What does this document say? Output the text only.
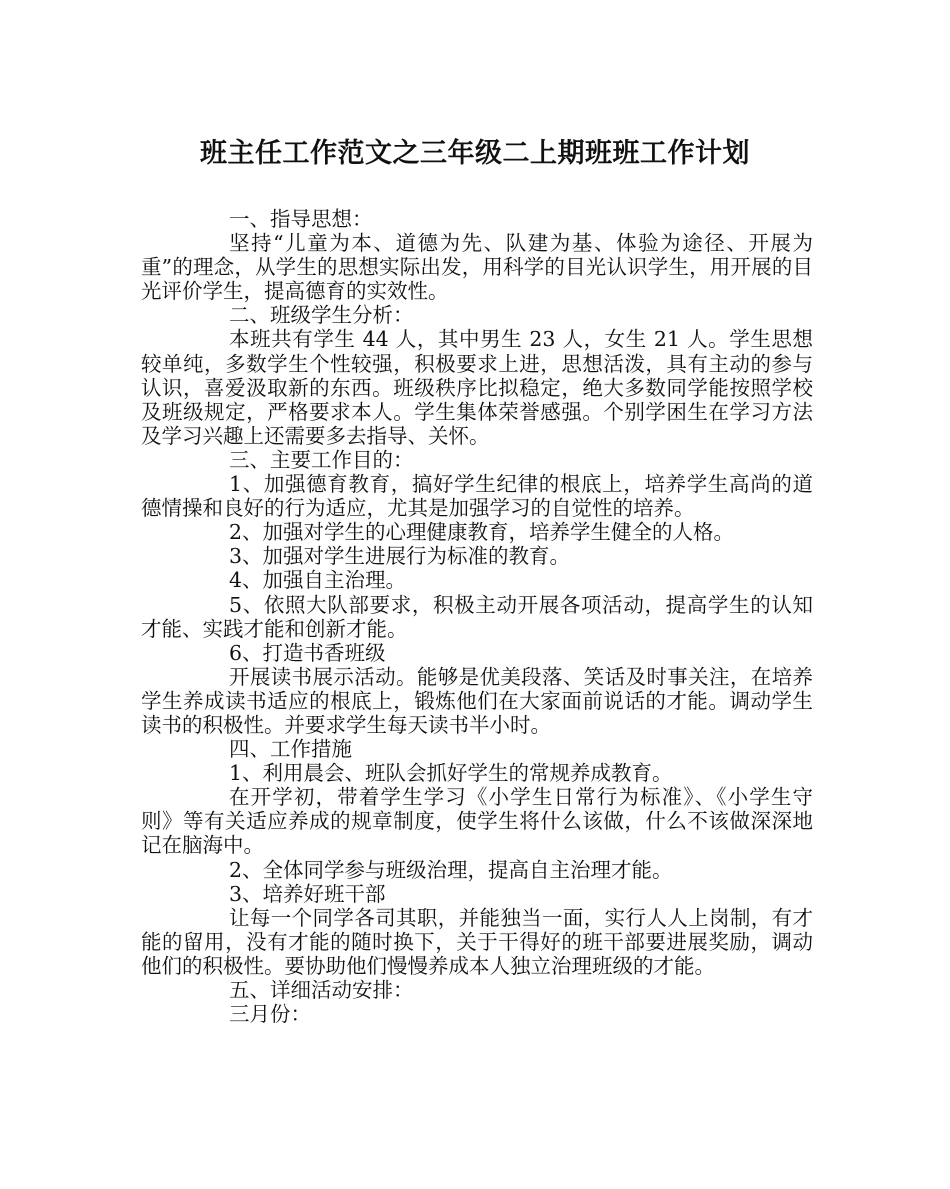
班主任工作范文之三年级二上期班班工作计划

一、指导思想：

坚持“儿童为本、道德为先、队建为基、体验为途径、开展为重”的理念，从学生的思想实际出发，用科学的目光认识学生，用开展的目光评价学生，提高德育的实效性。

二、班级学生分析：

本班共有学生 44 人，其中男生 23 人，女生 21 人。学生思想较单纯，多数学生个性较强，积极要求上进，思想活泼，具有主动的参与认识，喜爱汲取新的东西。班级秩序比拟稳定，绝大多数同学能按照学校及班级规定，严格要求本人。学生集体荣誉感强。个别学困生在学习方法及学习兴趣上还需要多去指导、关怀。

三、主要工作目的：

1、加强德育教育，搞好学生纪律的根底上，培养学生高尚的道德情操和良好的行为适应，尤其是加强学习的自觉性的培养。

2、加强对学生的心理健康教育，培养学生健全的人格。

3、加强对学生进展行为标准的教育。

4、加强自主治理。

5、依照大队部要求，积极主动开展各项活动，提高学生的认知才能、实践才能和创新才能。

6、打造书香班级

开展读书展示活动。能够是优美段落、笑话及时事关注，在培养学生养成读书适应的根底上，锻炼他们在大家面前说话的才能。调动学生读书的积极性。并要求学生每天读书半小时。

四、工作措施

1、利用晨会、班队会抓好学生的常规养成教育。

在开学初，带着学生学习《小学生日常行为标准》、《小学生守则》等有关适应养成的规章制度，使学生将什么该做，什么不该做深深地记在脑海中。

2、全体同学参与班级治理，提高自主治理才能。

3、培养好班干部

让每一个同学各司其职，并能独当一面，实行人人上岗制，有才能的留用，没有才能的随时换下，关于干得好的班干部要进展奖励，调动他们的积极性。要协助他们慢慢养成本人独立治理班级的才能。

五、详细活动安排：

三月份：
